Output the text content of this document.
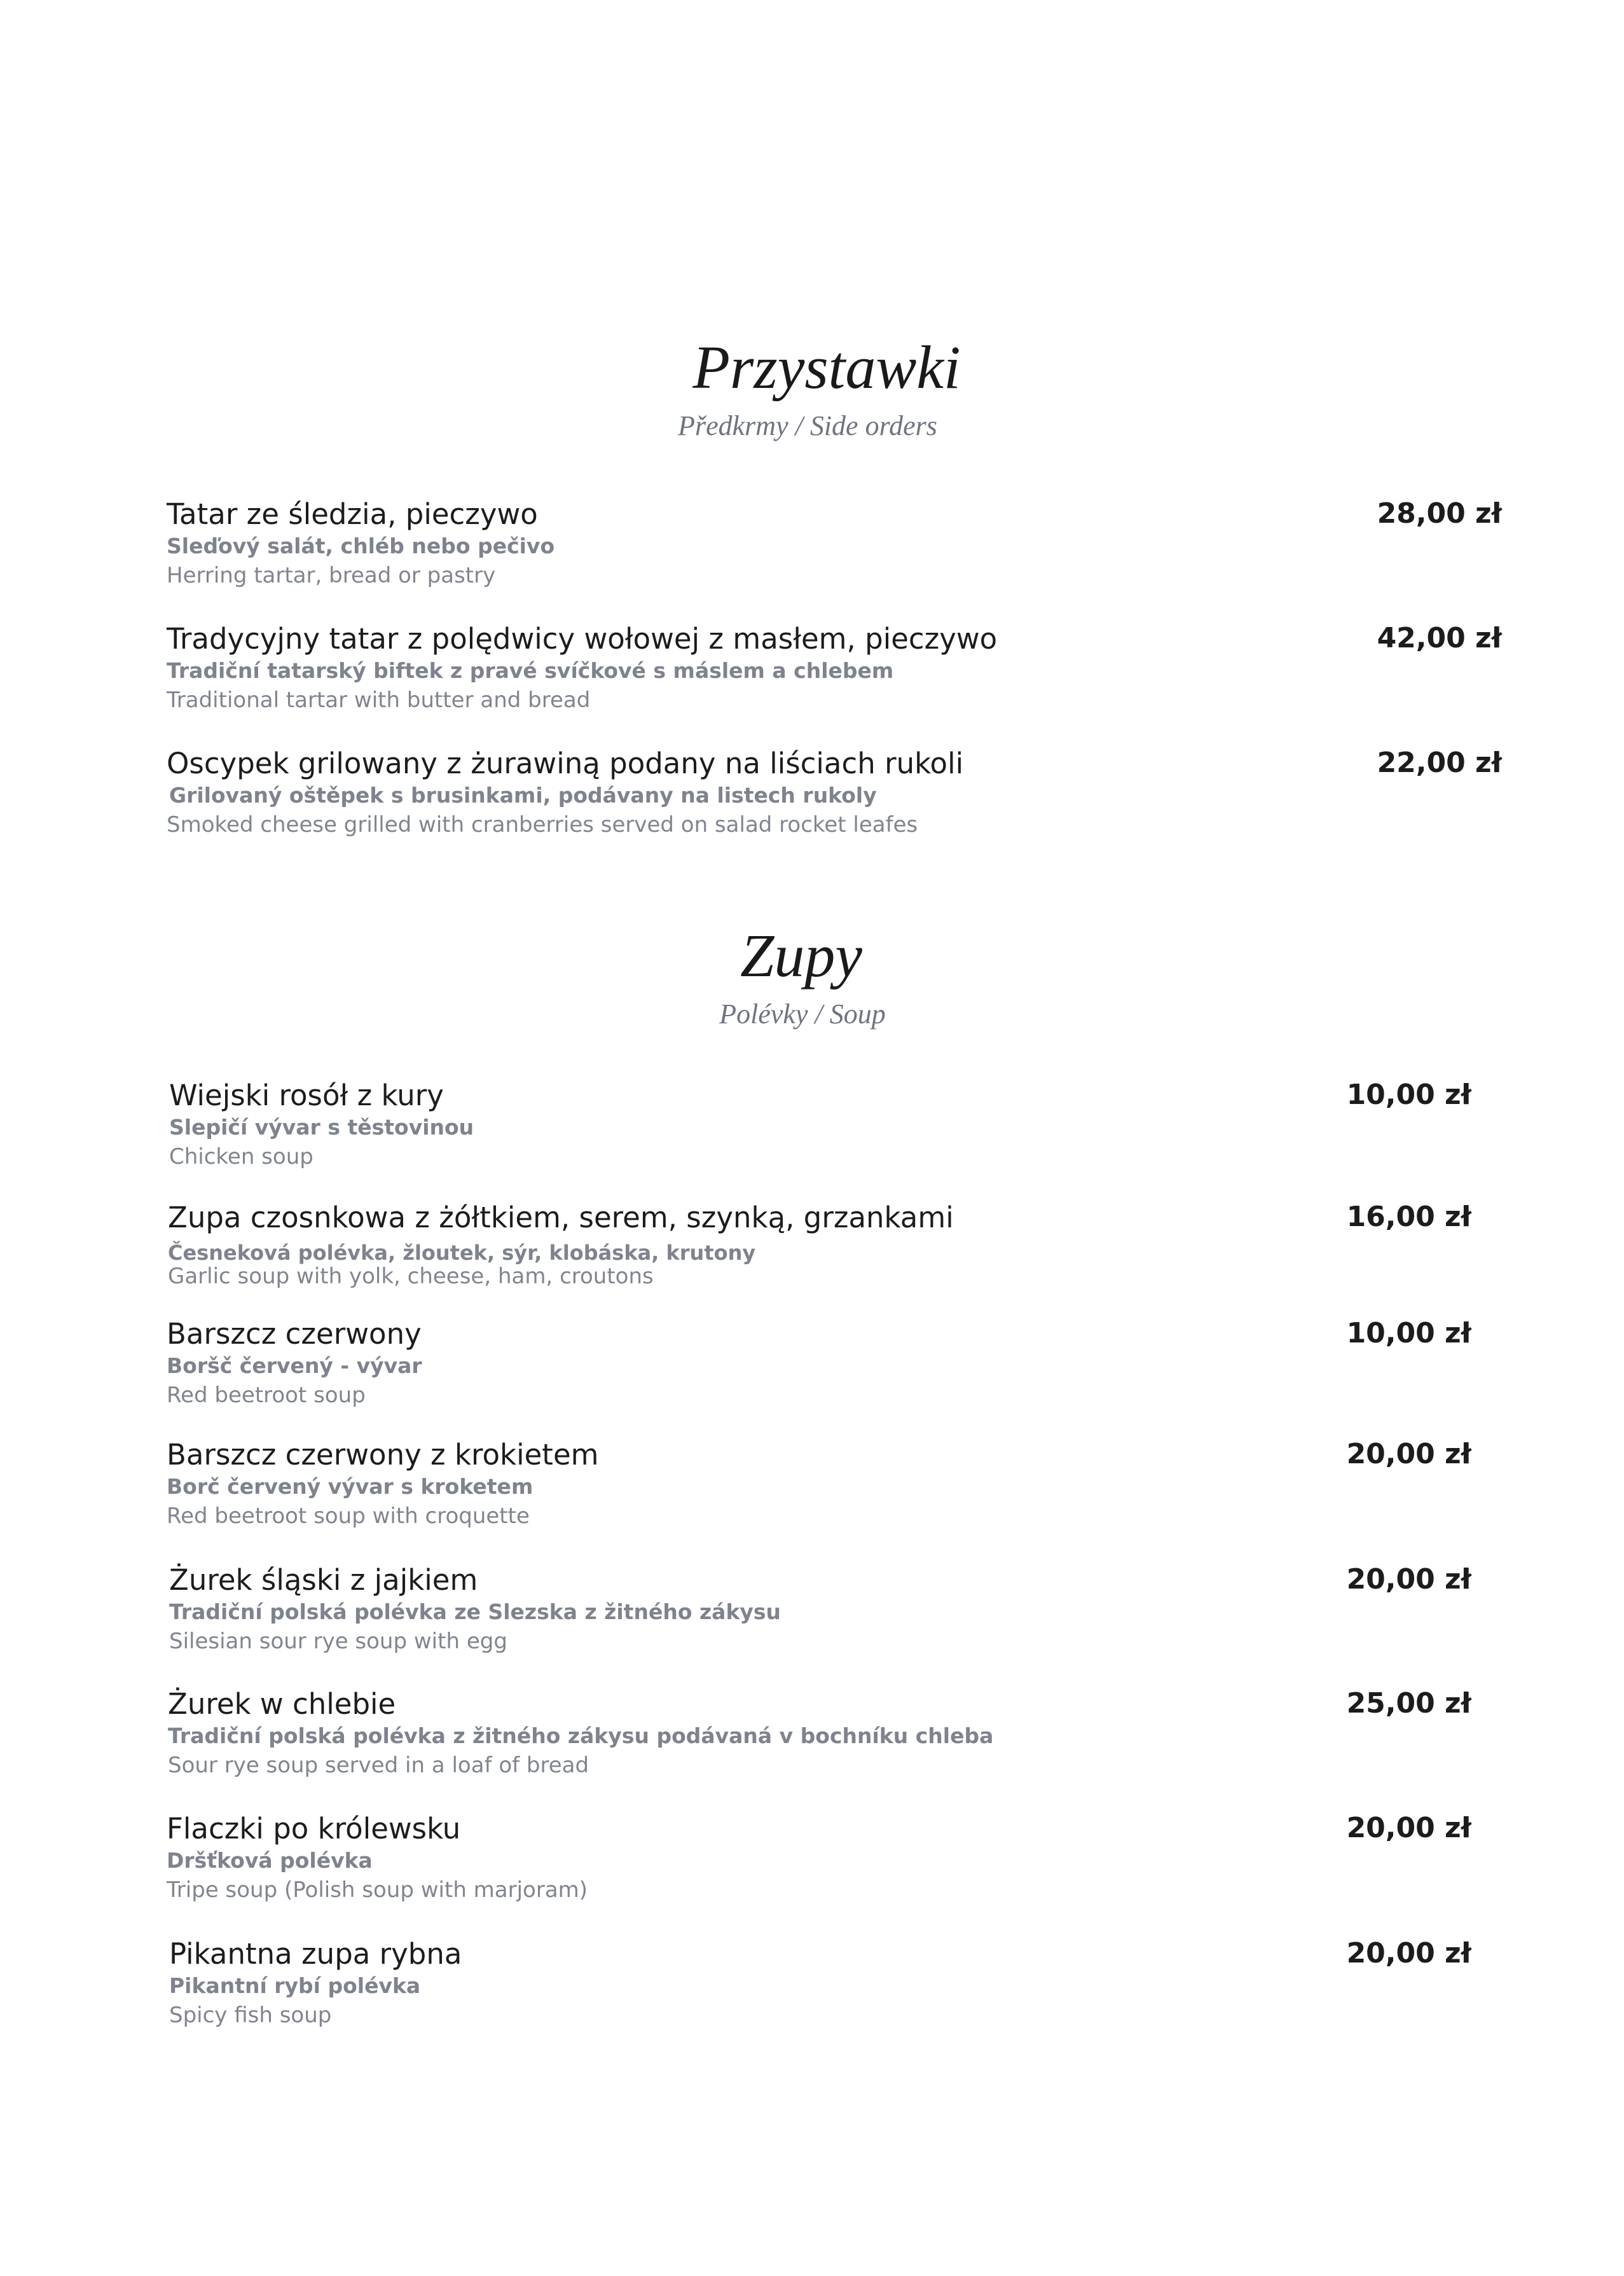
Przystawki
Předkrmy / Side orders
Tatar ze śledzia, pieczywo	28,00 zł
Sleďový salát, chléb nebo pečivo
Herring tartar, bread or pastry
Tradycyjny tatar z polędwicy wołowej z masłem, pieczywo	42,00 zł
Tradiční tatarský biftek z pravé svíčkové s máslem a chlebem
Traditional tartar with butter and bread
Oscypek grilowany z żurawiną podany na liściach rukoli	22,00 zł
Grilovaný oštěpek s brusinkami, podávany na listech rukoly
Smoked cheese grilled with cranberries served on salad rocket leafes
Zupy
Polévky / Soup
Wiejski rosół z kury	10,00 zł
Slepičí vývar s těstovinou
Chicken soup
Zupa czosnkowa z żółtkiem, serem, szynką, grzankami	16,00 zł
Česneková polévka, žloutek, sýr, klobáska, krutony
Garlic soup with yolk, cheese, ham, croutons
Barszcz czerwony	10,00 zł
Boršč červený - vývar
Red beetroot soup
Barszcz czerwony z krokietem	20,00 zł
Borč červený vývar s kroketem
Red beetroot soup with croquette
Żurek śląski z jajkiem	20,00 zł
Tradiční polská polévka ze Slezska z žitného zákysu
Silesian sour rye soup with egg
Żurek w chlebie	25,00 zł
Tradiční polská polévka z žitného zákysu podávaná v bochníku chleba
Sour rye soup served in a loaf of bread
Flaczki po królewsku	20,00 zł
Dršťková polévka
Tripe soup (Polish soup with marjoram)
Pikantna zupa rybna	20,00 zł
Pikantní rybí polévka
Spicy fish soup
